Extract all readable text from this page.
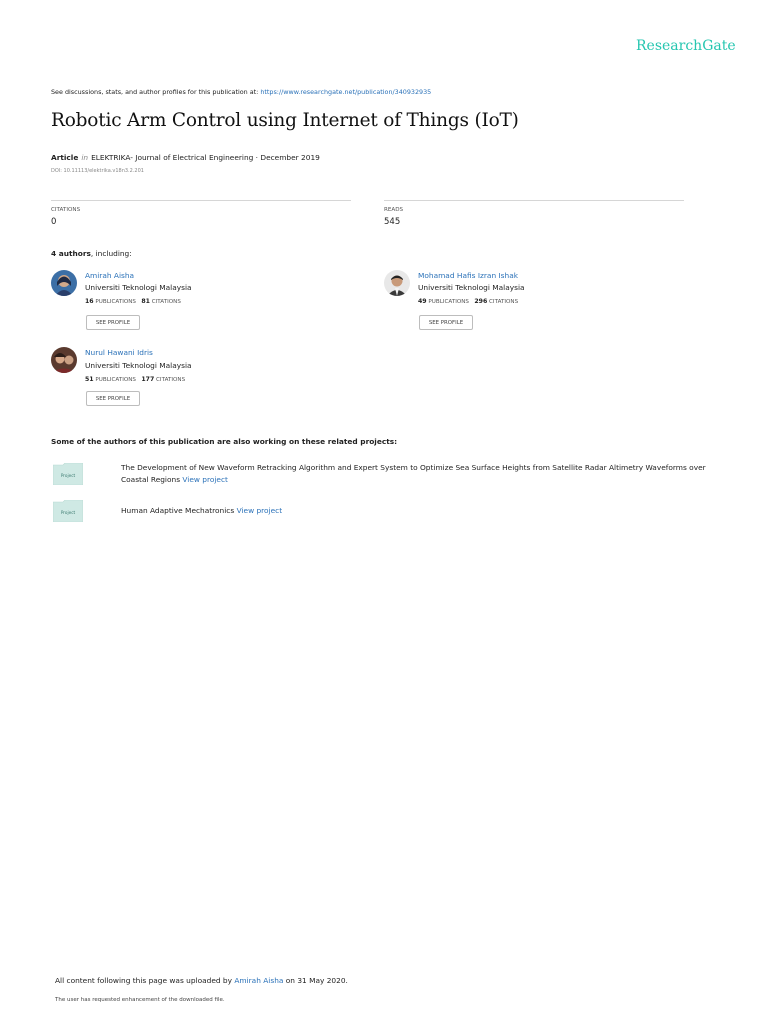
ResearchGate
See discussions, stats, and author profiles for this publication at: https://www.researchgate.net/publication/340932935
Robotic Arm Control using Internet of Things (IoT)
Article in ELEKTRIKA- Journal of Electrical Engineering · December 2019
DOI: 10.11113/elektrika.v18n3.2.201
CITATIONS
0
READS
545
4 authors, including:
Amirah Aisha
Universiti Teknologi Malaysia
16 PUBLICATIONS 81 CITATIONS
SEE PROFILE
Mohamad Hafis Izran Ishak
Universiti Teknologi Malaysia
49 PUBLICATIONS 296 CITATIONS
SEE PROFILE
Nurul Hawani Idris
Universiti Teknologi Malaysia
51 PUBLICATIONS 177 CITATIONS
SEE PROFILE
Some of the authors of this publication are also working on these related projects:
Project
The Development of New Waveform Retracking Algorithm and Expert System to Optimize Sea Surface Heights from Satellite Radar Altimetry Waveforms over Coastal Regions View project
Project	Human Adaptive Mechatronics View project
All content following this page was uploaded by Amirah Aisha on 31 May 2020.
The user has requested enhancement of the downloaded file.
